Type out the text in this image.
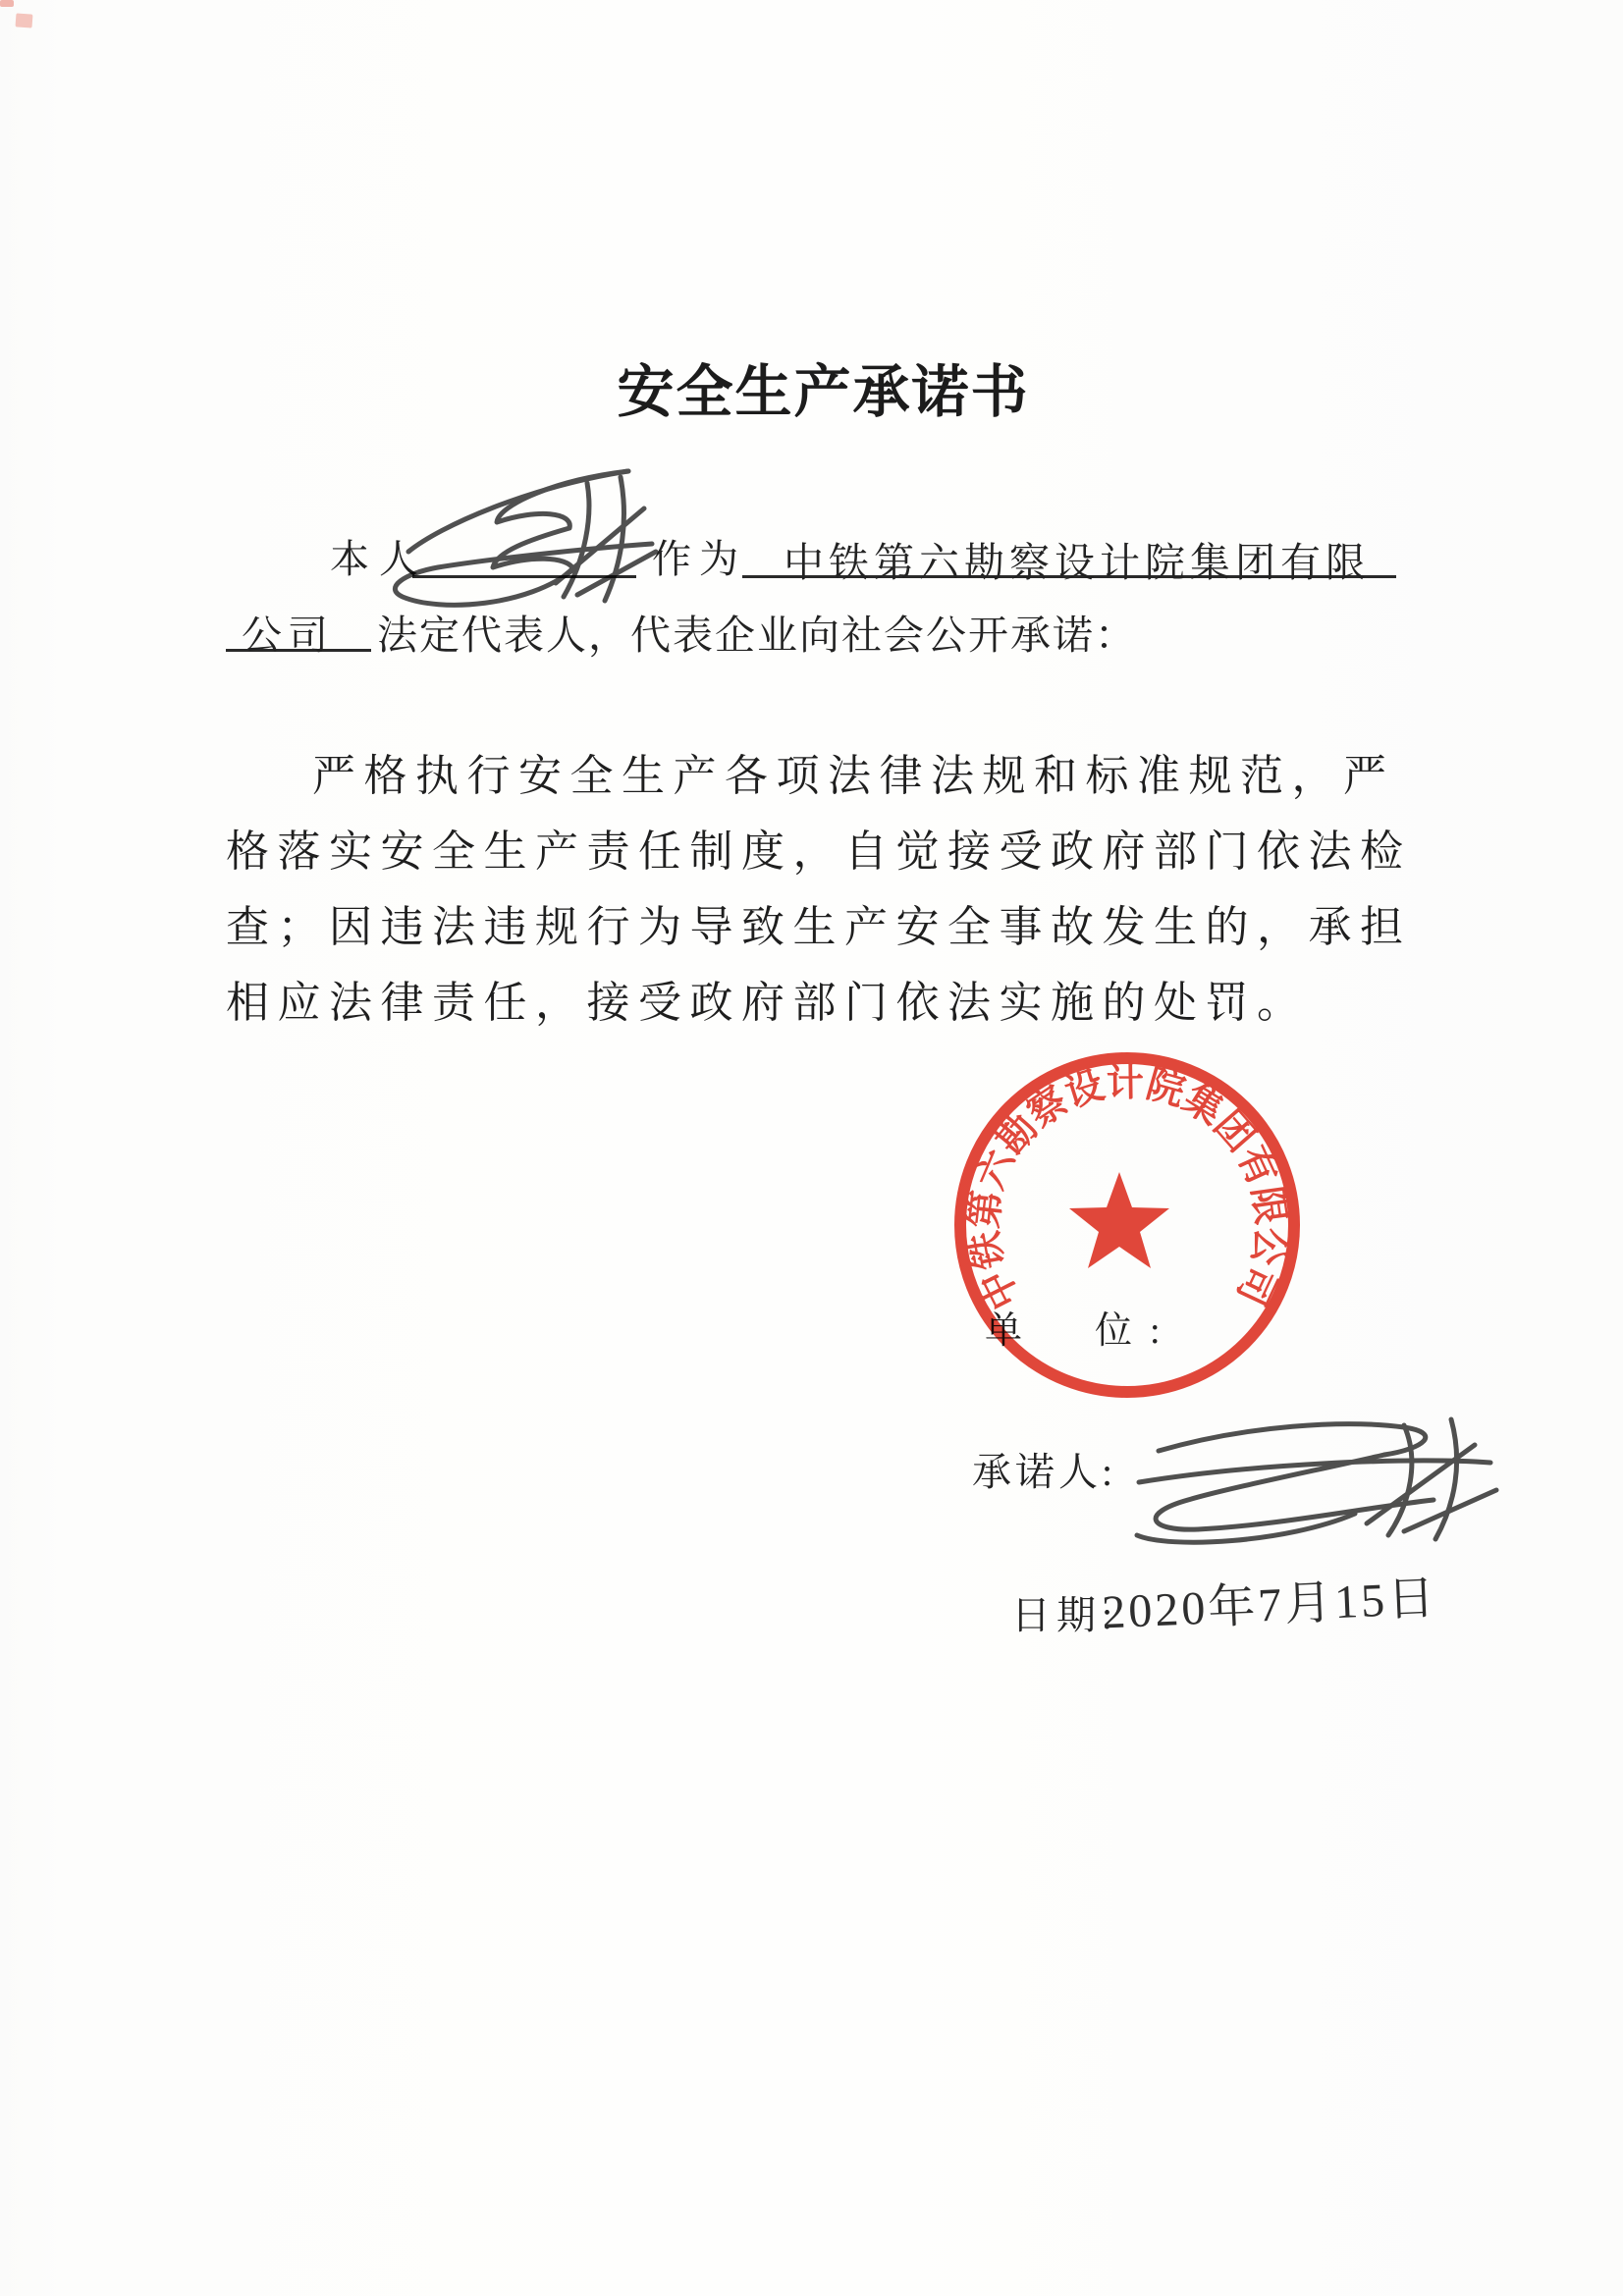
安全生产承诺书
本人	作为 中铁第六勘察设计院集团有限
公司 法定代表人，代表企业向社会公开承诺：
严格执行安全生产各项法律法规和标准规范，严
格落实安全生产责任制度，自觉接受政府部门依法检
查；因违法违规行为导致生产安全事故发生的，承担
相应法律责任，接受政府部门依法实施的处罚。
单　位:
承诺人:
日期:
2020年7月15日
中铁第六勘察设计院集团有限公司
